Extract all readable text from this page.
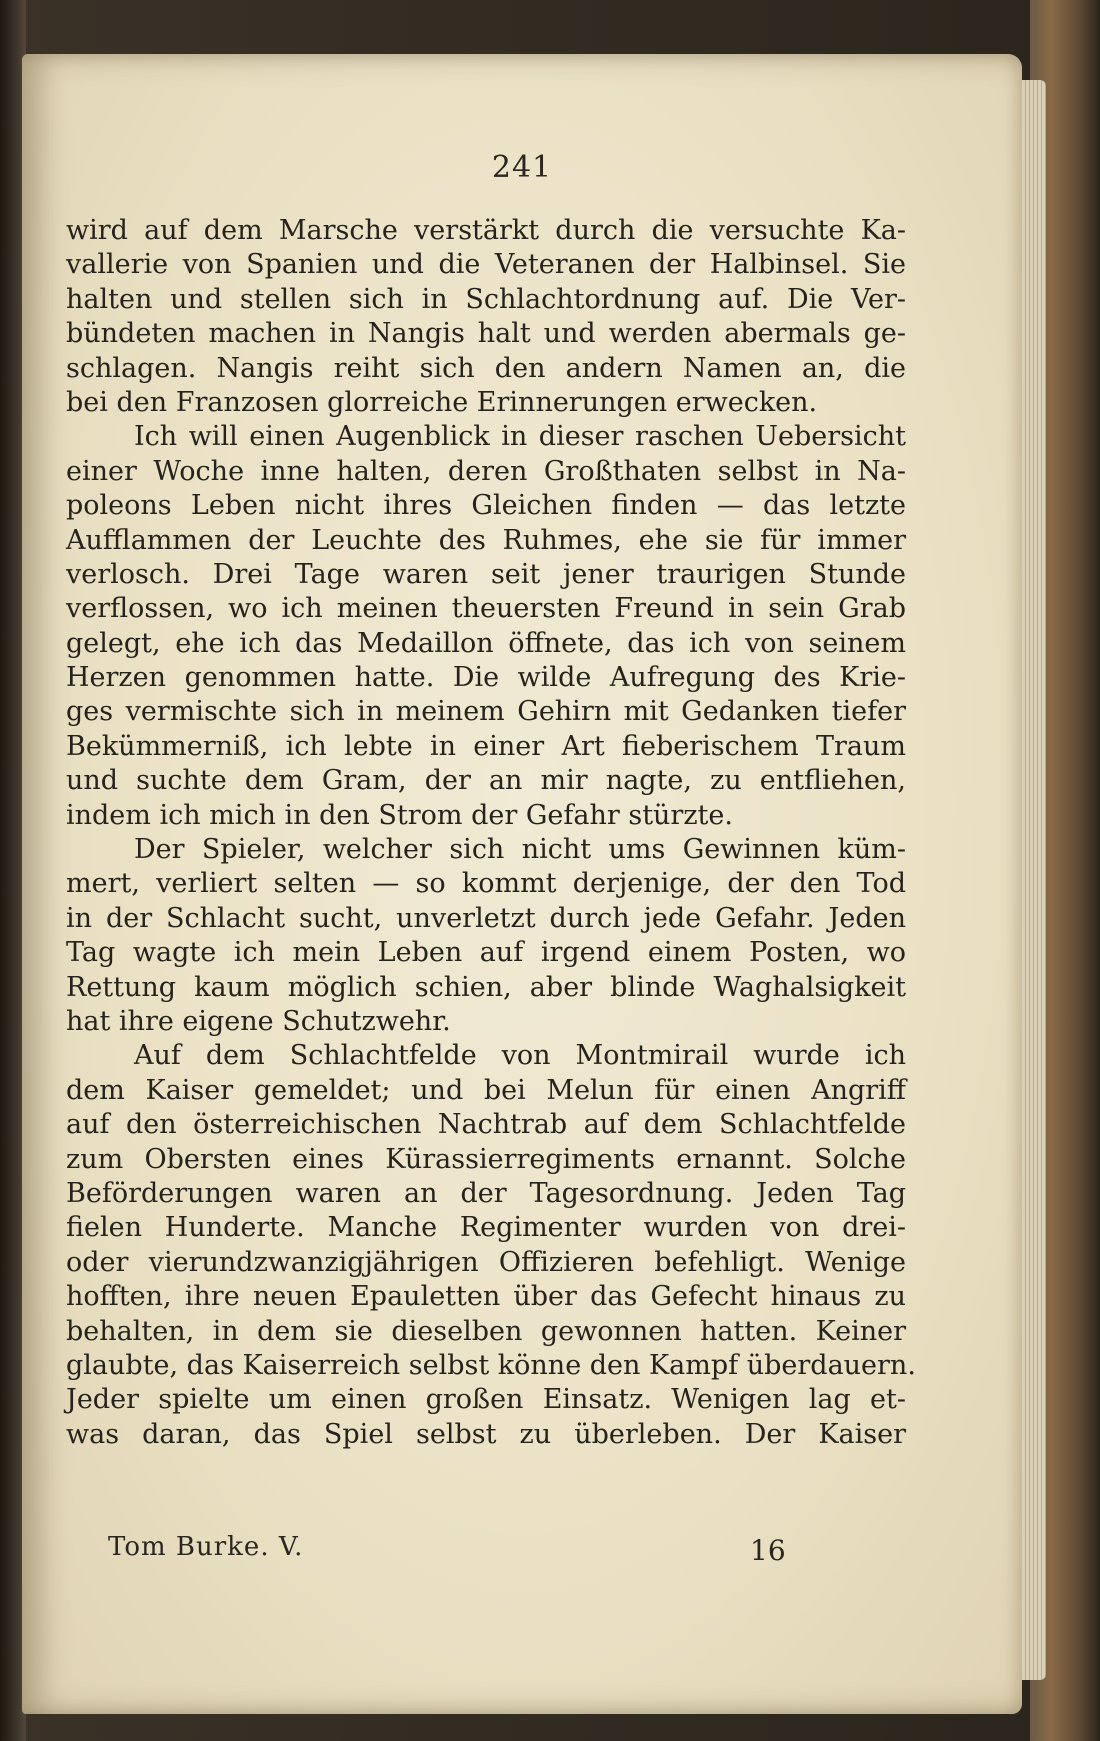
241
wird auf dem Marsche verstärkt durch die versuchte Ka-
vallerie von Spanien und die Veteranen der Halbinsel. Sie
halten und stellen sich in Schlachtordnung auf. Die Ver-
bündeten machen in Nangis halt und werden abermals ge-
schlagen. Nangis reiht sich den andern Namen an, die
bei den Franzosen glorreiche Erinnerungen erwecken.
Ich will einen Augenblick in dieser raschen Uebersicht
einer Woche inne halten, deren Großthaten selbst in Na-
poleons Leben nicht ihres Gleichen finden — das letzte
Aufflammen der Leuchte des Ruhmes, ehe sie für immer
verlosch. Drei Tage waren seit jener traurigen Stunde
verflossen, wo ich meinen theuersten Freund in sein Grab
gelegt, ehe ich das Medaillon öffnete, das ich von seinem
Herzen genommen hatte. Die wilde Aufregung des Krie-
ges vermischte sich in meinem Gehirn mit Gedanken tiefer
Bekümmerniß, ich lebte in einer Art fieberischem Traum
und suchte dem Gram, der an mir nagte, zu entfliehen,
indem ich mich in den Strom der Gefahr stürzte.
Der Spieler, welcher sich nicht ums Gewinnen küm-
mert, verliert selten — so kommt derjenige, der den Tod
in der Schlacht sucht, unverletzt durch jede Gefahr. Jeden
Tag wagte ich mein Leben auf irgend einem Posten, wo
Rettung kaum möglich schien, aber blinde Waghalsigkeit
hat ihre eigene Schutzwehr.
Auf dem Schlachtfelde von Montmirail wurde ich
dem Kaiser gemeldet; und bei Melun für einen Angriff
auf den österreichischen Nachtrab auf dem Schlachtfelde
zum Obersten eines Kürassierregiments ernannt. Solche
Beförderungen waren an der Tagesordnung. Jeden Tag
fielen Hunderte. Manche Regimenter wurden von drei-
oder vierundzwanzigjährigen Offizieren befehligt. Wenige
hofften, ihre neuen Epauletten über das Gefecht hinaus zu
behalten, in dem sie dieselben gewonnen hatten. Keiner
glaubte, das Kaiserreich selbst könne den Kampf überdauern.
Jeder spielte um einen großen Einsatz. Wenigen lag et-
was daran, das Spiel selbst zu überleben. Der Kaiser
Tom Burke. V.	16
